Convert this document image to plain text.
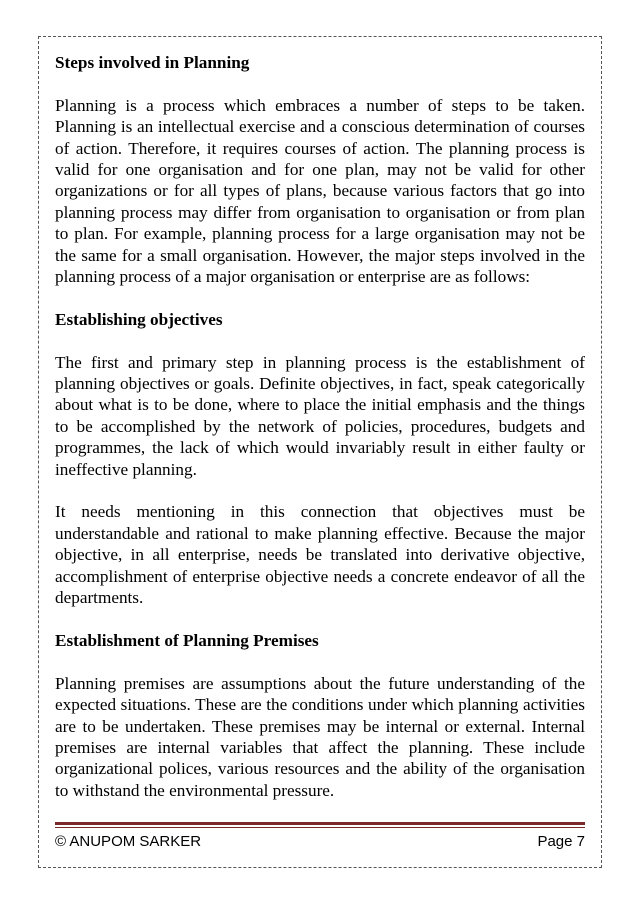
Steps involved in Planning

Planning is a process which embraces a number of steps to be taken. Planning is an intellectual exercise and a conscious determination of courses of action. Therefore, it requires courses of action. The planning process is valid for one organisation and for one plan, may not be valid for other organizations or for all types of plans, because various factors that go into planning process may differ from organisation to organisation or from plan to plan. For example, planning process for a large organisation may not be the same for a small organisation. However, the major steps involved in the planning process of a major organisation or enterprise are as follows:

Establishing objectives

The first and primary step in planning process is the establishment of planning objectives or goals. Definite objectives, in fact, speak categorically about what is to be done, where to place the initial emphasis and the things to be accomplished by the network of policies, procedures, budgets and programmes, the lack of which would invariably result in either faulty or ineffective planning.

It needs mentioning in this connection that objectives must be understandable and rational to make planning effective. Because the major objective, in all enterprise, needs be translated into derivative objective, accomplishment of enterprise objective needs a concrete endeavor of all the departments.

Establishment of Planning Premises

Planning premises are assumptions about the future understanding of the expected situations. These are the conditions under which planning activities are to be undertaken. These premises may be internal or external. Internal premises are internal variables that affect the planning. These include organizational polices, various resources and the ability of the organisation to withstand the environmental pressure.

© ANUPOM SARKER	Page 7
